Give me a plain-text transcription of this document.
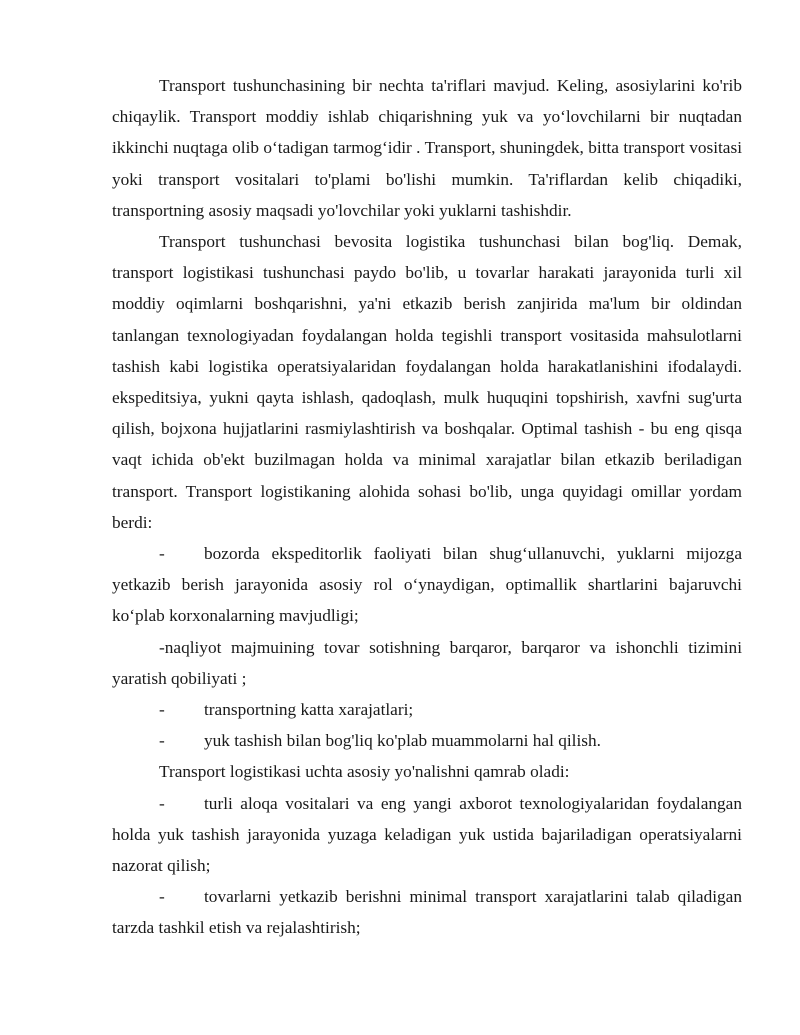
Transport tushunchasining bir nechta ta'riflari mavjud. Keling, asosiylarini ko'rib chiqaylik. Transport moddiy ishlab chiqarishning yuk va yo‘lovchilarni bir nuqtadan ikkinchi nuqtaga olib o‘tadigan tarmog‘idir . Transport, shuningdek, bitta transport vositasi yoki transport vositalari to'plami bo'lishi mumkin. Ta'riflardan kelib chiqadiki, transportning asosiy maqsadi yo'lovchilar yoki yuklarni tashishdir.

Transport tushunchasi bevosita logistika tushunchasi bilan bog'liq. Demak, transport logistikasi tushunchasi paydo bo'lib, u tovarlar harakati jarayonida turli xil moddiy oqimlarni boshqarishni, ya'ni etkazib berish zanjirida ma'lum bir oldindan tanlangan texnologiyadan foydalangan holda tegishli transport vositasida mahsulotlarni tashish kabi logistika operatsiyalaridan foydalangan holda harakatlanishini ifodalaydi. ekspeditsiya, yukni qayta ishlash, qadoqlash, mulk huquqini topshirish, xavfni sug'urta qilish, bojxona hujjatlarini rasmiylashtirish va boshqalar. Optimal tashish - bu eng qisqa vaqt ichida ob'ekt buzilmagan holda va minimal xarajatlar bilan etkazib beriladigan transport. Transport logistikaning alohida sohasi bo'lib, unga quyidagi omillar yordam berdi:

- bozorda ekspeditorlik faoliyati bilan shug‘ullanuvchi, yuklarni mijozga yetkazib berish jarayonida asosiy rol o‘ynaydigan, optimallik shartlarini bajaruvchi ko‘plab korxonalarning mavjudligi;

-naqliyot majmuining tovar sotishning barqaror, barqaror va ishonchli tizimini yaratish qobiliyati ;

- transportning katta xarajatlari;

- yuk tashish bilan bog'liq ko'plab muammolarni hal qilish.

Transport logistikasi uchta asosiy yo'nalishni qamrab oladi:

- turli aloqa vositalari va eng yangi axborot texnologiyalaridan foydalangan holda yuk tashish jarayonida yuzaga keladigan yuk ustida bajariladigan operatsiyalarni nazorat qilish;

- tovarlarni yetkazib berishni minimal transport xarajatlarini talab qiladigan tarzda tashkil etish va rejalashtirish;
